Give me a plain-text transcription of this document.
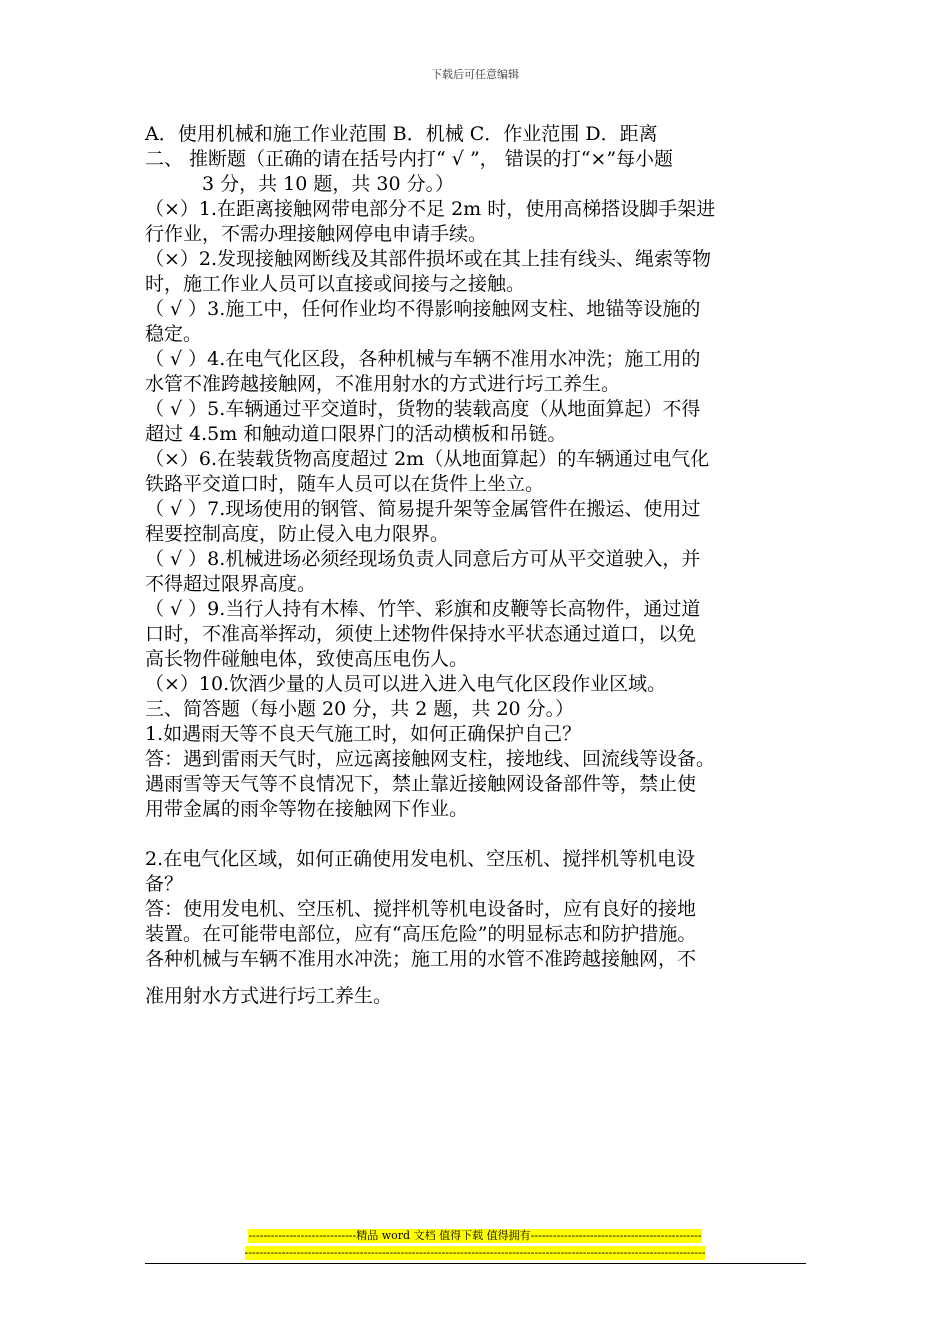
下载后可任意编辑

A．使用机械和施工作业范围 B．机械 C．作业范围 D．距离

二、 推断题（正确的请在括号内打“ √ ”， 错误的打“×”每小题

3 分，共 10 题，共 30 分。）

（×）1.在距离接触网带电部分不足 2m 时，使用高梯搭设脚手架进

行作业，不需办理接触网停电申请手续。

（×）2.发现接触网断线及其部件损坏或在其上挂有线头、绳索等物

时，施工作业人员可以直接或间接与之接触。

（ √ ）3.施工中，任何作业均不得影响接触网支柱、地锚等设施的

稳定。

（ √ ）4.在电气化区段，各种机械与车辆不准用水冲洗；施工用的

水管不准跨越接触网，不准用射水的方式进行圬工养生。

（ √ ）5.车辆通过平交道时，货物的装载高度（从地面算起）不得

超过 4.5m 和触动道口限界门的活动横板和吊链。

（×）6.在装载货物高度超过 2m（从地面算起）的车辆通过电气化

铁路平交道口时，随车人员可以在货件上坐立。

（ √ ）7.现场使用的钢管、简易提升架等金属管件在搬运、使用过

程要控制高度，防止侵入电力限界。

（ √ ）8.机械进场必须经现场负责人同意后方可从平交道驶入，并

不得超过限界高度。

（ √ ）9.当行人持有木棒、竹竿、彩旗和皮鞭等长高物件，通过道

口时，不准高举挥动，须使上述物件保持水平状态通过道口，以免

高长物件碰触电体，致使高压电伤人。

（×）10.饮酒少量的人员可以进入进入电气化区段作业区域。

三、简答题（每小题 20 分，共 2 题，共 20 分。）

1.如遇雨天等不良天气施工时，如何正确保护自己？

答：遇到雷雨天气时，应远离接触网支柱，接地线、回流线等设备。

遇雨雪等天气等不良情况下，禁止靠近接触网设备部件等，禁止使

用带金属的雨伞等物在接触网下作业。

2.在电气化区域，如何正确使用发电机、空压机、搅拌机等机电设

备？

答：使用发电机、空压机、搅拌机等机电设备时，应有良好的接地

装置。在可能带电部位，应有“高压危险”的明显标志和防护措施。

各种机械与车辆不准用水冲洗；施工用的水管不准跨越接触网，不

准用射水方式进行圬工养生。

-----------------------------精品 word 文档 值得下载 值得拥有----------------------------------------------
----------------------------------------------------------------------------------------------------------------------------
